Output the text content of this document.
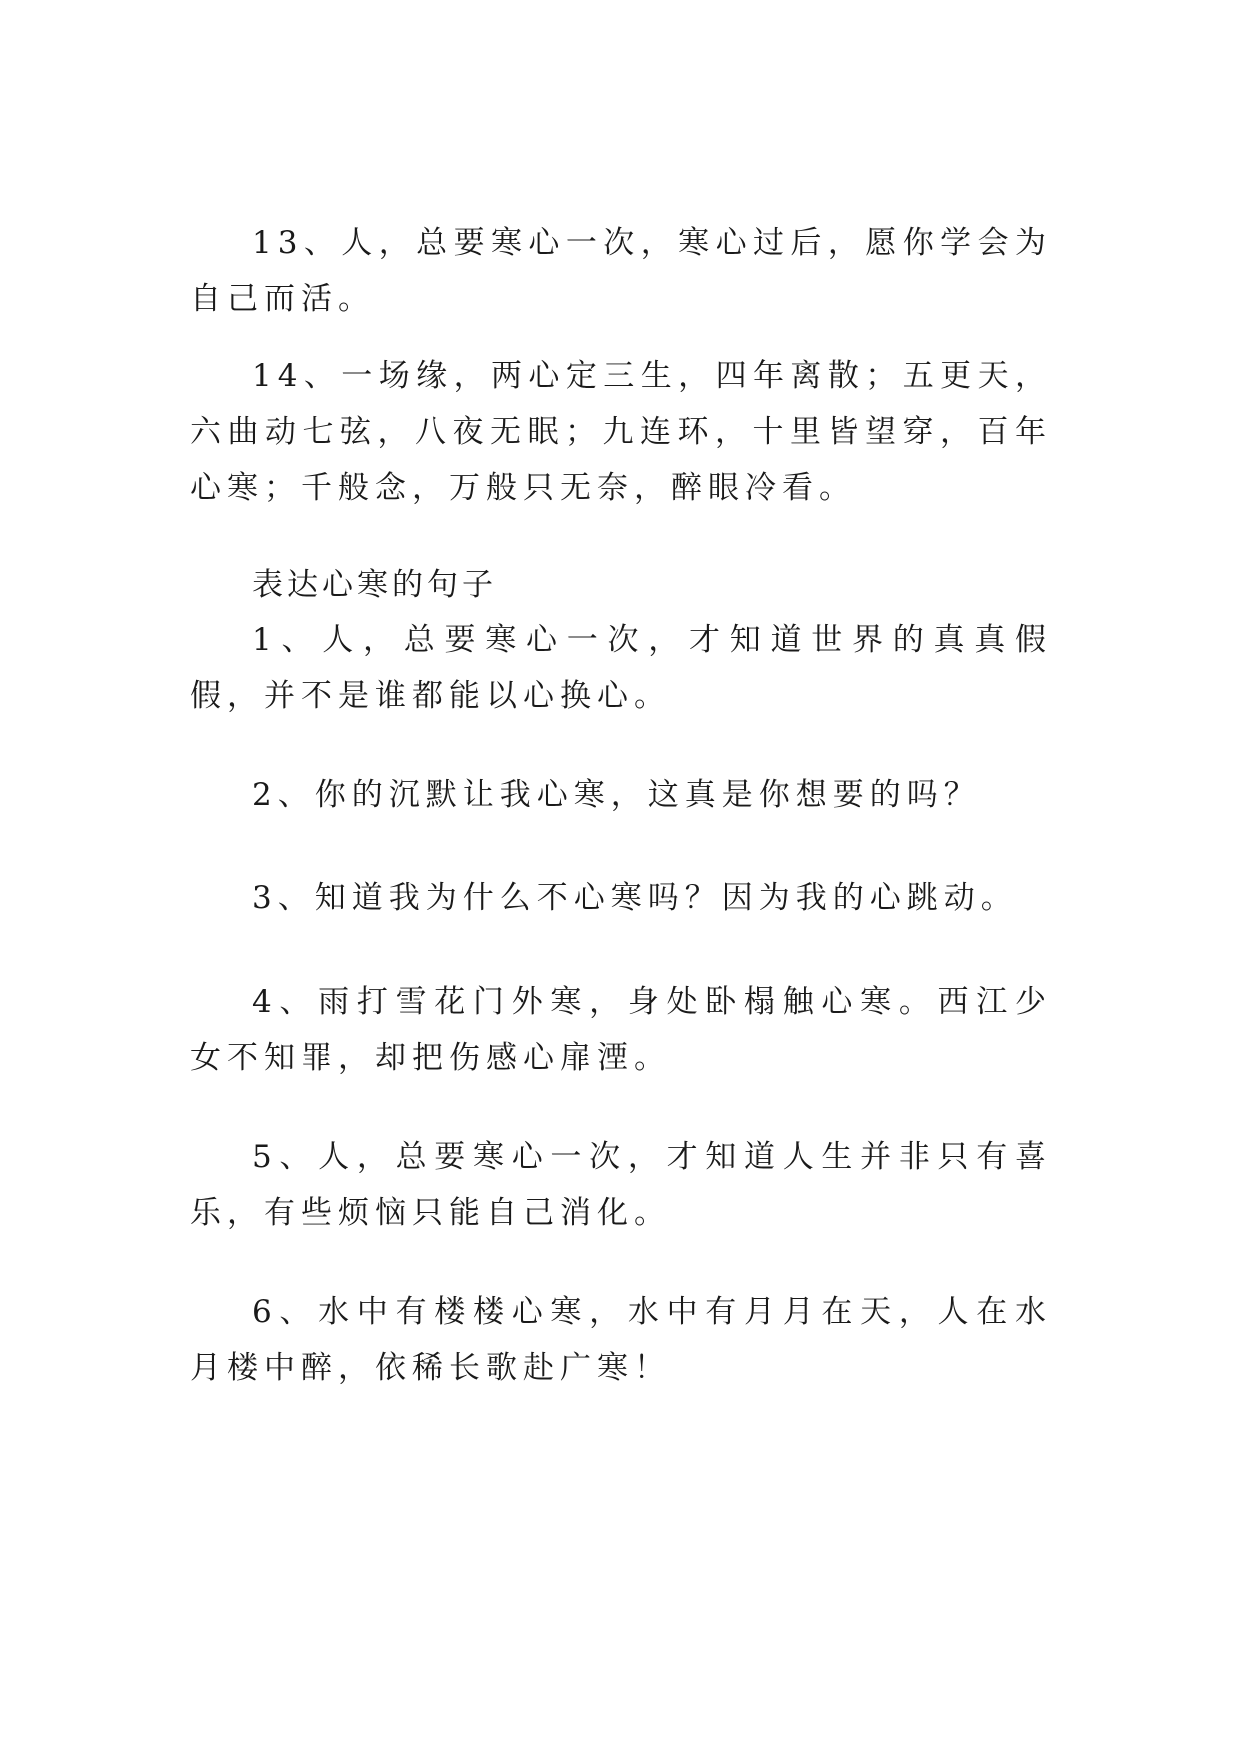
13、人，总要寒心一次，寒心过后，愿你学会为自己而活。

14、一场缘，两心定三生，四年离散；五更天，六曲动七弦，八夜无眠；九连环，十里皆望穿，百年心寒；千般念，万般只无奈，醉眼冷看。

表达心寒的句子

1、人，总要寒心一次，才知道世界的真真假假，并不是谁都能以心换心。

2、你的沉默让我心寒，这真是你想要的吗？

3、知道我为什么不心寒吗？因为我的心跳动。

4、雨打雪花门外寒，身处卧榻触心寒。西江少女不知罪，却把伤感心扉湮。

5、人，总要寒心一次，才知道人生并非只有喜乐，有些烦恼只能自己消化。

6、水中有楼楼心寒，水中有月月在天，人在水月楼中醉，依稀长歌赴广寒！
